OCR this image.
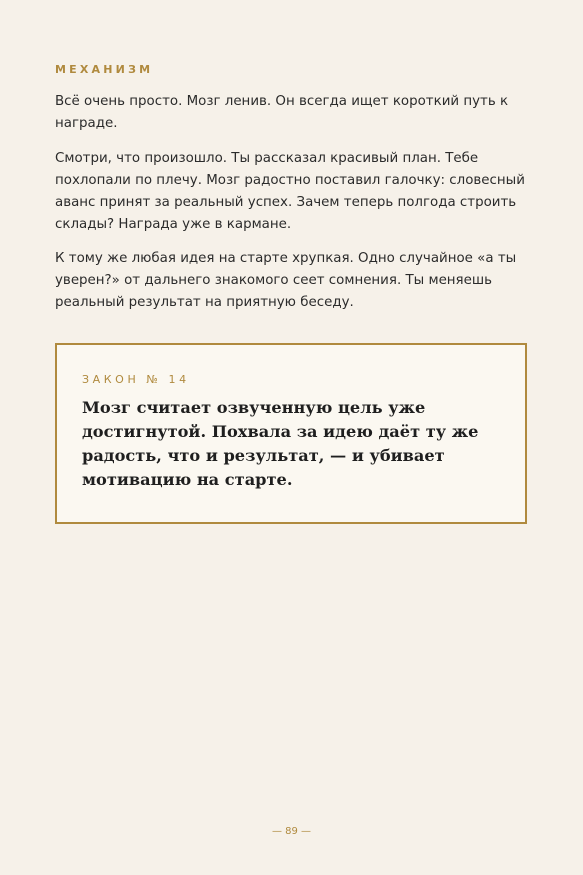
МЕХАНИЗМ

Всё очень просто. Мозг ленив. Он всегда ищет короткий путь к награде.

Смотри, что произошло. Ты рассказал красивый план. Тебе похлопали по плечу. Мозг радостно поставил галочку: словесный аванс принят за реальный успех. Зачем теперь полгода строить склады? Награда уже в кармане.

К тому же любая идея на старте хрупкая. Одно случайное «а ты уверен?» от дальнего знакомого сеет сомнения. Ты меняешь реальный результат на приятную беседу.

ЗАКОН № 14

Мозг считает озвученную цель уже достигнутой. Похвала за идею даёт ту же радость, что и результат, — и убивает мотивацию на старте.

— 89 —
